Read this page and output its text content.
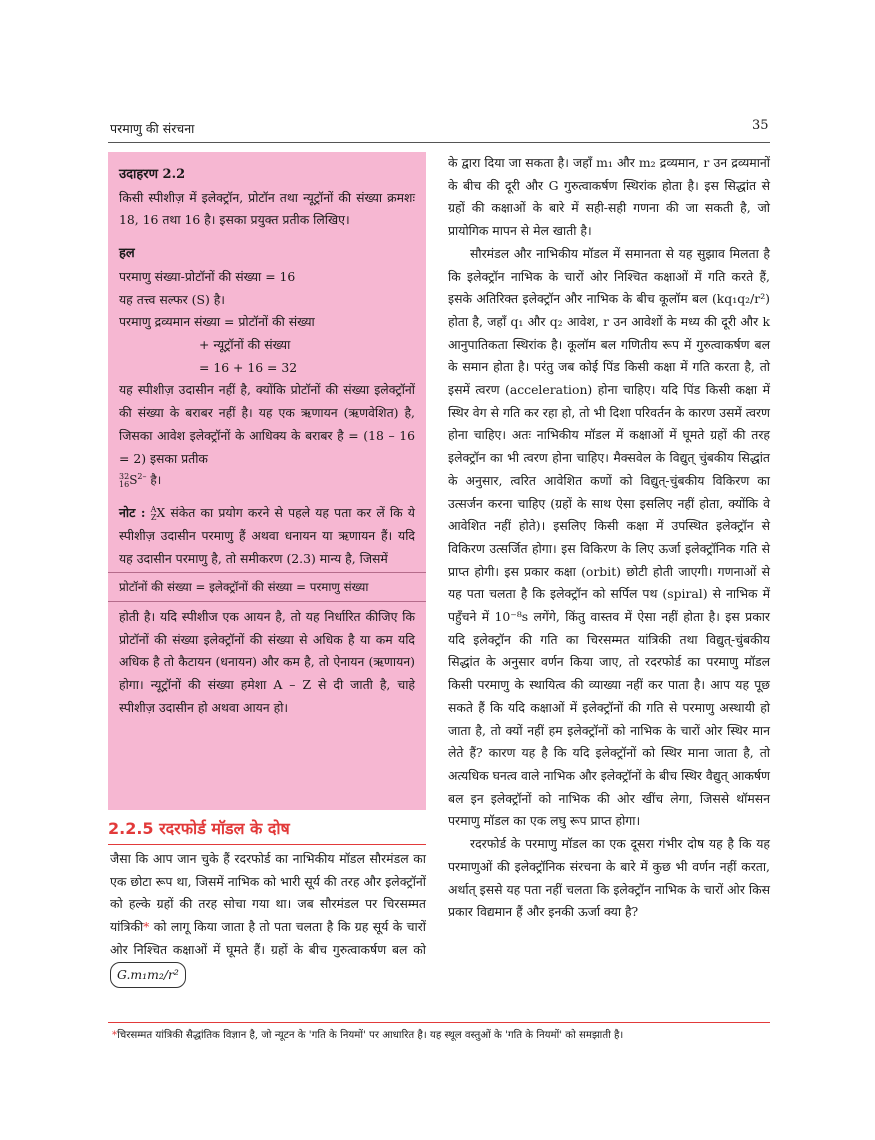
परमाणु की संरचना	35

उदाहरण 2.2

किसी स्पीशीज़ में इलेक्ट्रॉन, प्रोटॉन तथा न्यूट्रॉनों की संख्या क्रमशः 18, 16 तथा 16 है। इसका प्रयुक्त प्रतीक लिखिए।

हल

परमाणु संख्या-प्रोटॉनों की संख्या = 16

यह तत्त्व सल्फर (S) है।

परमाणु द्रव्यमान संख्या = प्रोटॉनों की संख्या

+ न्यूट्रॉनों की संख्या

= 16 + 16 = 32

यह स्पीशीज़ उदासीन नहीं है, क्योंकि प्रोटॉनों की संख्या इलेक्ट्रॉनों की संख्या के बराबर नहीं है। यह एक ऋणायन (ऋणवेशित) है, जिसका आवेश इलेक्ट्रॉनों के आधिक्य के बराबर है = (18 – 16 = 2) इसका प्रतीक

32
16 $S^{2-}$ है।

नोट : A
Z X संकेत का प्रयोग करने से पहले यह पता कर लें कि ये स्पीशीज़ उदासीन परमाणु हैं अथवा धनायन या ऋणायन हैं। यदि यह उदासीन परमाणु है, तो समीकरण (2.3) मान्य है, जिसमें

प्रोटॉनों की संख्या = इलेक्ट्रॉनों की संख्या = परमाणु संख्या

होती है। यदि स्पीशीज एक आयन है, तो यह निर्धारित कीजिए कि प्रोटॉनों की संख्या इलेक्ट्रॉनों की संख्या से अधिक है या कम यदि अधिक है तो कैटायन (धनायन) और कम है, तो ऐनायन (ऋणायन) होगा। न्यूट्रॉनों की संख्या हमेशा A – Z से दी जाती है, चाहे स्पीशीज़ उदासीन हो अथवा आयन हो।

2.2.5 रदरफोर्ड मॉडल के दोष

जैसा कि आप जान चुके हैं रदरफोर्ड का नाभिकीय मॉडल सौरमंडल का एक छोटा रूप था, जिसमें नाभिक को भारी सूर्य की तरह और इलेक्ट्रॉनों को हल्के ग्रहों की तरह सोचा गया था। जब सौरमंडल पर चिरसम्मत यांत्रिकी* को लागू किया जाता है तो पता चलता है कि ग्रह सूर्य के चारों ओर निश्चित कक्षाओं में घूमते हैं। ग्रहों के बीच गुरुत्वाकर्षण बल को G.m₁m₂/r²

के द्वारा दिया जा सकता है। जहाँ m₁ और m₂ द्रव्यमान, r उन द्रव्यमानों के बीच की दूरी और G गुरुत्वाकर्षण स्थिरांक होता है। इस सिद्धांत से ग्रहों की कक्षाओं के बारे में सही-सही गणना की जा सकती है, जो प्रायोगिक मापन से मेल खाती है।

सौरमंडल और नाभिकीय मॉडल में समानता से यह सुझाव मिलता है कि इलेक्ट्रॉन नाभिक के चारों ओर निश्चित कक्षाओं में गति करते हैं, इसके अतिरिक्त इलेक्ट्रॉन और नाभिक के बीच कूलॉम बल (kq₁q₂/r²) होता है, जहाँ q₁ और q₂ आवेश, r उन आवेशों के मध्य की दूरी और k आनुपातिकता स्थिरांक है। कूलॉम बल गणितीय रूप में गुरुत्वाकर्षण बल के समान होता है। परंतु जब कोई पिंड किसी कक्षा में गति करता है, तो इसमें त्वरण (acceleration) होना चाहिए। यदि पिंड किसी कक्षा में स्थिर वेग से गति कर रहा हो, तो भी दिशा परिवर्तन के कारण उसमें त्वरण होना चाहिए। अतः नाभिकीय मॉडल में कक्षाओं में घूमते ग्रहों की तरह इलेक्ट्रॉन का भी त्वरण होना चाहिए। मैक्सवेल के विद्युत् चुंबकीय सिद्धांत के अनुसार, त्वरित आवेशित कणों को विद्युत्-चुंबकीय विकिरण का उत्सर्जन करना चाहिए (ग्रहों के साथ ऐसा इसलिए नहीं होता, क्योंकि वे आवेशित नहीं होते)। इसलिए किसी कक्षा में उपस्थित इलेक्ट्रॉन से विकिरण उत्सर्जित होगा। इस विकिरण के लिए ऊर्जा इलेक्ट्रॉनिक गति से प्राप्त होगी। इस प्रकार कक्षा (orbit) छोटी होती जाएगी। गणनाओं से यह पता चलता है कि इलेक्ट्रॉन को सर्पिल पथ (spiral) से नाभिक में पहुँचने में 10⁻⁸s लगेंगे, किंतु वास्तव में ऐसा नहीं होता है। इस प्रकार यदि इलेक्ट्रॉन की गति का चिरसम्मत यांत्रिकी तथा विद्युत्-चुंबकीय सिद्धांत के अनुसार वर्णन किया जाए, तो रदरफोर्ड का परमाणु मॉडल किसी परमाणु के स्थायित्व की व्याख्या नहीं कर पाता है। आप यह पूछ सकते हैं कि यदि कक्षाओं में इलेक्ट्रॉनों की गति से परमाणु अस्थायी हो जाता है, तो क्यों नहीं हम इलेक्ट्रॉनों को नाभिक के चारों ओर स्थिर मान लेते हैं? कारण यह है कि यदि इलेक्ट्रॉनों को स्थिर माना जाता है, तो अत्यधिक घनत्व वाले नाभिक और इलेक्ट्रॉनों के बीच स्थिर वैद्युत् आकर्षण बल इन इलेक्ट्रॉनों को नाभिक की ओर खींच लेगा, जिससे थॉमसन परमाणु मॉडल का एक लघु रूप प्राप्त होगा।

रदरफोर्ड के परमाणु मॉडल का एक दूसरा गंभीर दोष यह है कि यह परमाणुओं की इलेक्ट्रॉनिक संरचना के बारे में कुछ भी वर्णन नहीं करता, अर्थात् इससे यह पता नहीं चलता कि इलेक्ट्रॉन नाभिक के चारों ओर किस प्रकार विद्यमान हैं और इनकी ऊर्जा क्या है?

*चिरसम्मत यांत्रिकी सैद्धांतिक विज्ञान है, जो न्यूटन के 'गति के नियमों' पर आधारित है। यह स्थूल वस्तुओं के 'गति के नियमों' को समझाती है।
